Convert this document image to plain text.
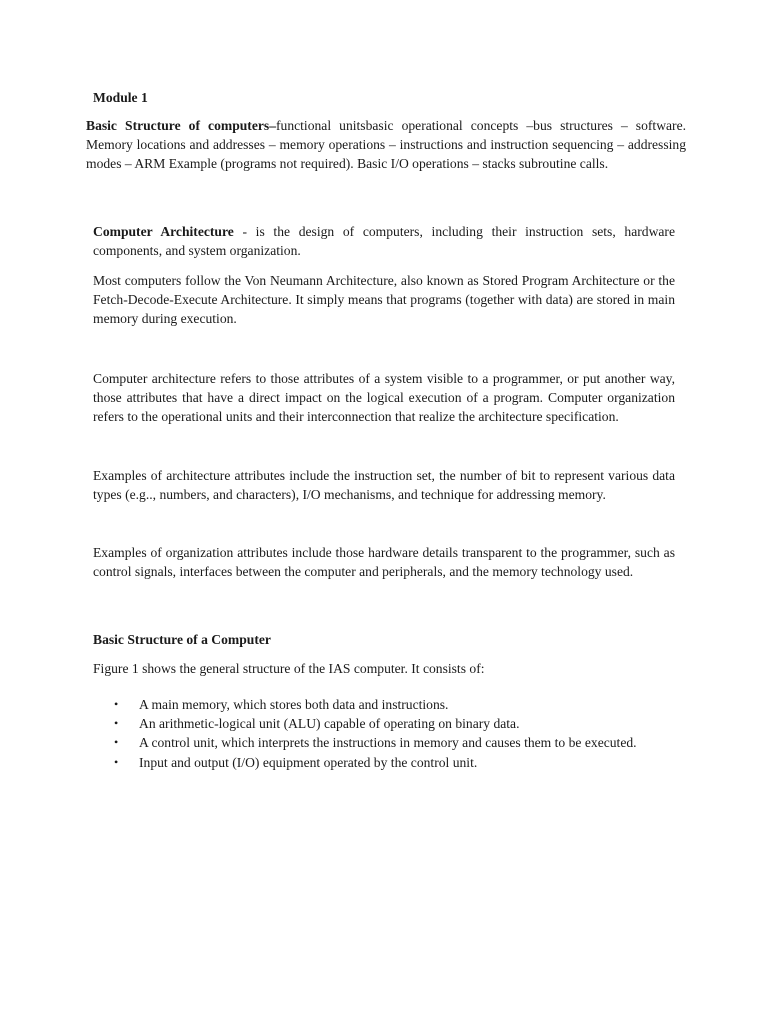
Module 1

Basic Structure of computers–functional unitsbasic operational concepts –bus structures – software. Memory locations and addresses – memory operations – instructions and instruction sequencing – addressing modes – ARM Example (programs not required). Basic I/O operations – stacks subroutine calls.

Computer Architecture - is the design of computers, including their instruction sets, hardware components, and system organization.

Most computers follow the Von Neumann Architecture, also known as Stored Program Architecture or the Fetch-Decode-Execute Architecture. It simply means that programs (together with data) are stored in main memory during execution.

Computer architecture refers to those attributes of a system visible to a programmer, or put another way, those attributes that have a direct impact on the logical execution of a program. Computer organization refers to the operational units and their interconnection that realize the architecture specification.

Examples of architecture attributes include the instruction set, the number of bit to represent various data types (e.g.., numbers, and characters), I/O mechanisms, and technique for addressing memory.

Examples of organization attributes include those hardware details transparent to the programmer, such as control signals, interfaces between the computer and peripherals, and the memory technology used.

Basic Structure of a Computer

Figure 1 shows the general structure of the IAS computer. It consists of:

• A main memory, which stores both data and instructions.
• An arithmetic-logical unit (ALU) capable of operating on binary data.
• A control unit, which interprets the instructions in memory and causes them to be executed.
• Input and output (I/O) equipment operated by the control unit.
